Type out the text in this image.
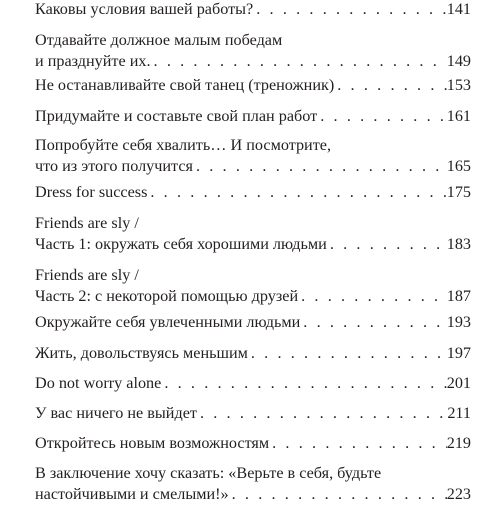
Каковы условия вашей работы? . . .	141
Отдавайте должное малым победам
и празднуйте их. . . .	149
Не останавливайте свой танец (треножник) . . .	153
Придумайте и составьте свой план работ . . .	161
Попробуйте себя хвалить… И посмотрите,
что из этого получится . . .	165
Dress for success . . .	175
Friends are sly /
Часть 1: окружать себя хорошими людьми . . .	183
Friends are sly /
Часть 2: с некоторой помощью друзей . . .	187
Окружайте себя увлеченными людьми . . .	193
Жить, довольствуясь меньшим . . .	197
Do not worry alone . . .	201
У вас ничего не выйдет . . .	211
Откройтесь новым возможностям . . .	219
В заключение хочу сказать: «Верьте в себя, будьте
настойчивыми и смелыми!» . . .	223
